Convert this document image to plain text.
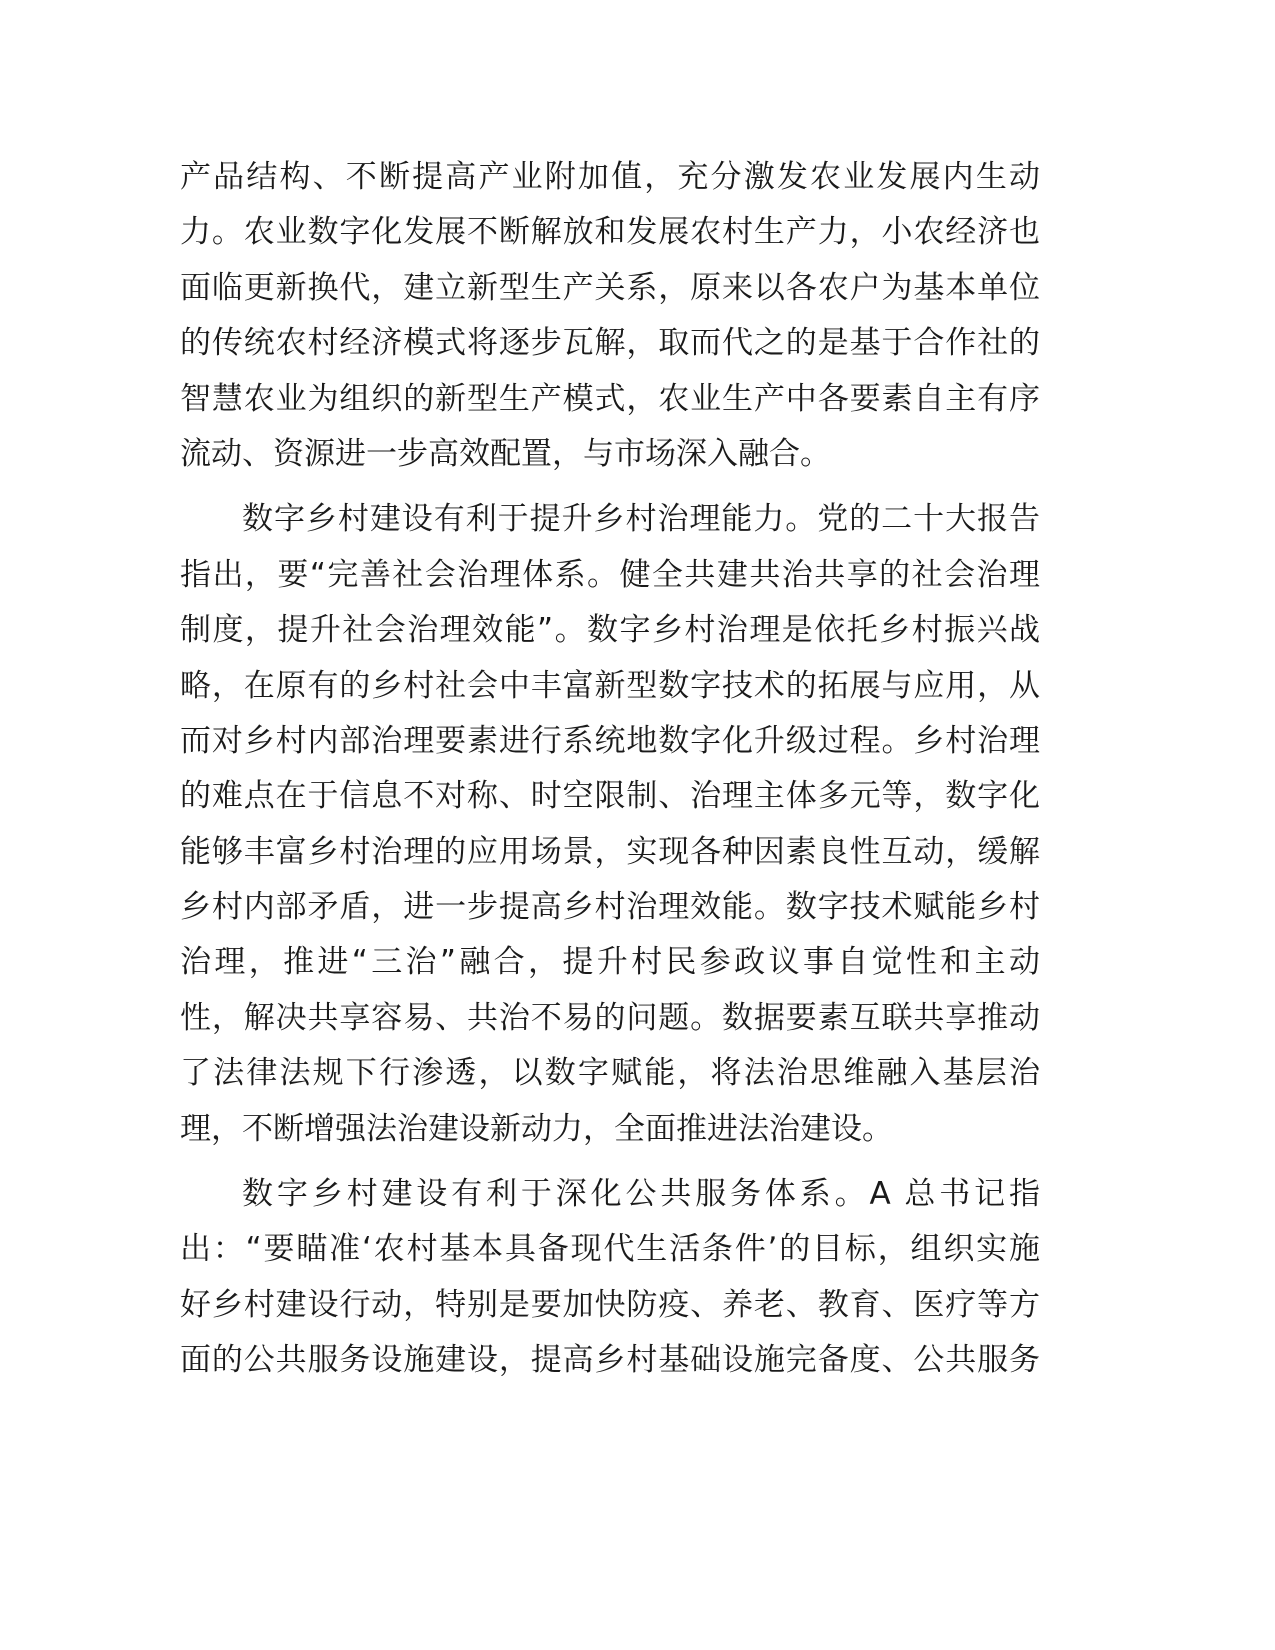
产品结构、不断提高产业附加值，充分激发农业发展内生动
力。农业数字化发展不断解放和发展农村生产力，小农经济也
面临更新换代，建立新型生产关系，原来以各农户为基本单位
的传统农村经济模式将逐步瓦解，取而代之的是基于合作社的
智慧农业为组织的新型生产模式，农业生产中各要素自主有序
流动、资源进一步高效配置，与市场深入融合。
数字乡村建设有利于提升乡村治理能力。党的二十大报告
指出，要“完善社会治理体系。健全共建共治共享的社会治理
制度，提升社会治理效能”。数字乡村治理是依托乡村振兴战
略，在原有的乡村社会中丰富新型数字技术的拓展与应用，从
而对乡村内部治理要素进行系统地数字化升级过程。乡村治理
的难点在于信息不对称、时空限制、治理主体多元等，数字化
能够丰富乡村治理的应用场景，实现各种因素良性互动，缓解
乡村内部矛盾，进一步提高乡村治理效能。数字技术赋能乡村
治理，推进“三治”融合，提升村民参政议事自觉性和主动
性，解决共享容易、共治不易的问题。数据要素互联共享推动
了法律法规下行渗透，以数字赋能，将法治思维融入基层治
理，不断增强法治建设新动力，全面推进法治建设。
数字乡村建设有利于深化公共服务体系。A 总书记指
出：“要瞄准‘农村基本具备现代生活条件’的目标，组织实施
好乡村建设行动，特别是要加快防疫、养老、教育、医疗等方
面的公共服务设施建设，提高乡村基础设施完备度、公共服务
